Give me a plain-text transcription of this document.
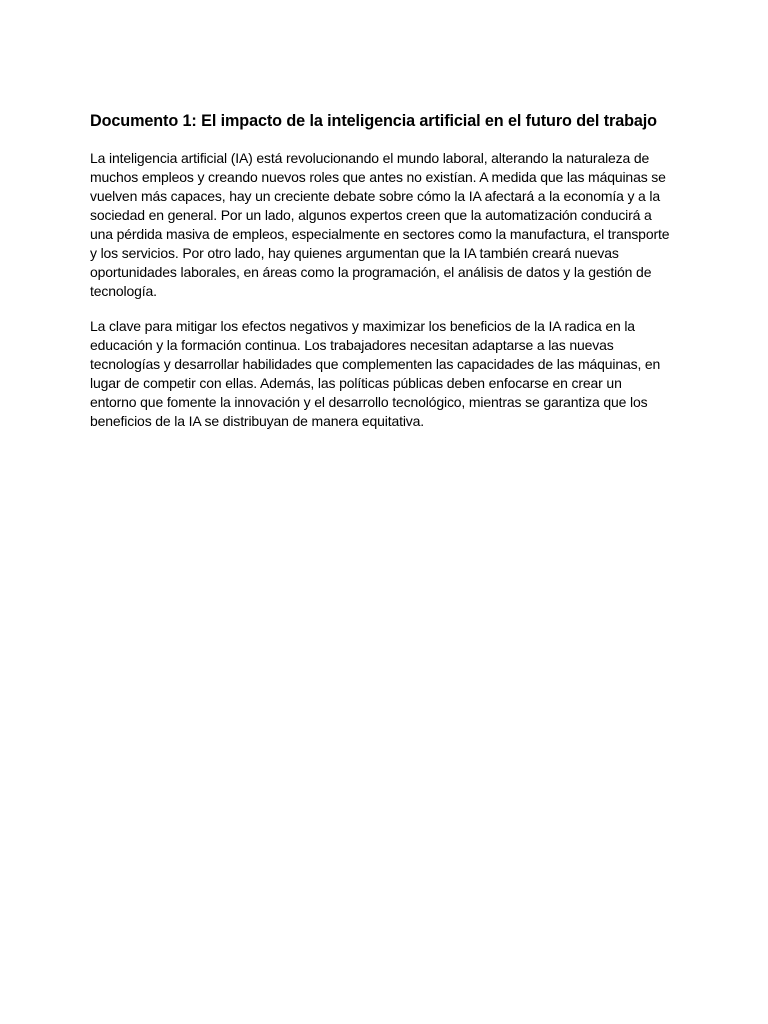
Documento 1: El impacto de la inteligencia artificial en el futuro del trabajo

La inteligencia artificial (IA) está revolucionando el mundo laboral, alterando la naturaleza de
muchos empleos y creando nuevos roles que antes no existían. A medida que las máquinas se
vuelven más capaces, hay un creciente debate sobre cómo la IA afectará a la economía y a la
sociedad en general. Por un lado, algunos expertos creen que la automatización conducirá a
una pérdida masiva de empleos, especialmente en sectores como la manufactura, el transporte
y los servicios. Por otro lado, hay quienes argumentan que la IA también creará nuevas
oportunidades laborales, en áreas como la programación, el análisis de datos y la gestión de
tecnología.

La clave para mitigar los efectos negativos y maximizar los beneficios de la IA radica en la
educación y la formación continua. Los trabajadores necesitan adaptarse a las nuevas
tecnologías y desarrollar habilidades que complementen las capacidades de las máquinas, en
lugar de competir con ellas. Además, las políticas públicas deben enfocarse en crear un
entorno que fomente la innovación y el desarrollo tecnológico, mientras se garantiza que los
beneficios de la IA se distribuyan de manera equitativa.
